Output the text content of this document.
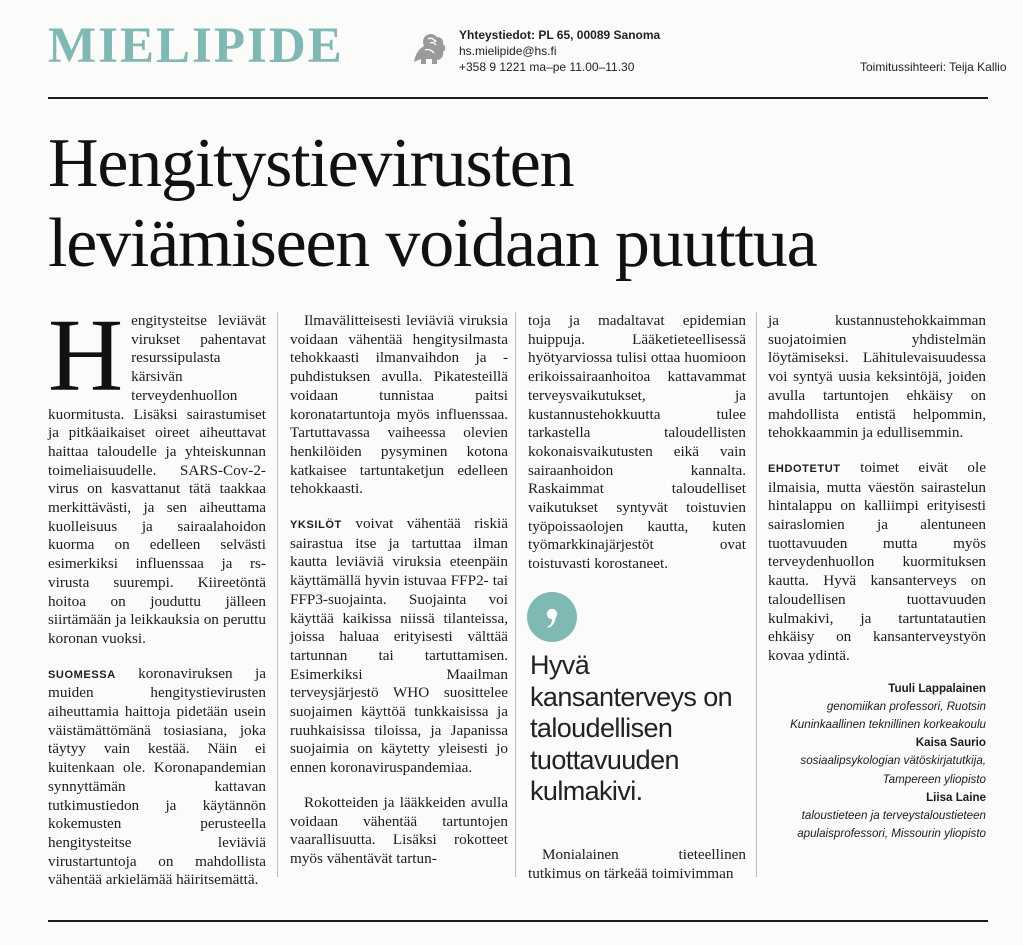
MIELIPIDE	Yhteystiedot: PL 65, 00089 Sanoma
hs.mielipide@hs.fi
+358 9 1221 ma–pe 11.00–11.30	Toimitussihteeri: Teija Kallio
Hengitystievirusten
leviämiseen voidaan puuttua

Hengitysteitse leviävät virukset pahentavat resurssipulasta kärsivän terveydenhuollon kuormitusta. Lisäksi sairastumiset ja pitkäaikaiset oireet aiheuttavat haittaa taloudelle ja yhteiskunnan toimeliaisuudelle. SARS-Cov-2-virus on kasvattanut tätä taakkaa merkittävästi, ja sen aiheuttama kuolleisuus ja sairaalahoidon kuorma on edelleen selvästi esimerkiksi influenssaa ja rs-virusta suurempi. Kiireetöntä hoitoa on jouduttu jälleen siirtämään ja leikkauksia on peruttu koronan vuoksi.

SUOMESSA koronaviruksen ja muiden hengitystievirusten aiheuttamia haittoja pidetään usein väistämättömänä tosiasiana, joka täytyy vain kestää. Näin ei kuitenkaan ole. Koronapandemian synnyttämän kattavan tutkimustiedon ja käytännön kokemusten perusteella hengitysteitse leviäviä virustartuntoja on mahdollista vähentää arkielämää häiritsemättä.

Ilmavälitteisesti leviäviä viruksia voidaan vähentää hengitysilmasta tehokkaasti ilmanvaihdon ja -puhdistuksen avulla. Pikatesteillä voidaan tunnistaa paitsi koronatartuntoja myös influenssaa. Tartuttavassa vaiheessa olevien henkilöiden pysyminen kotona katkaisee tartuntaketjun edelleen tehokkaasti.

YKSILÖT voivat vähentää riskiä sairastua itse ja tartuttaa ilman kautta leviäviä viruksia eteenpäin käyttämällä hyvin istuvaa FFP2- tai FFP3-suojainta. Suojainta voi käyttää kaikissa niissä tilanteissa, joissa haluaa erityisesti välttää tartunnan tai tartuttamisen. Esimerkiksi Maailman terveysjärjestö WHO suosittelee suojaimen käyttöä tunkkaisissa ja ruuhkaisissa tiloissa, ja Japanissa suojaimia on käytetty yleisesti jo ennen koronaviruspandemiaa.

Rokotteiden ja lääkkeiden avulla voidaan vähentää tartuntojen vaarallisuutta. Lisäksi rokotteet myös vähentävät tartun-

toja ja madaltavat epidemian huippuja. Lääketieteellisessä hyötyarviossa tulisi ottaa huomioon erikoissairaanhoitoa kattavammat terveysvaikutukset, ja kustannustehokkuutta tulee tarkastella taloudellisten kokonaisvaikutusten eikä vain sairaanhoidon kannalta. Raskaimmat taloudelliset vaikutukset syntyvät toistuvien työpoissaolojen kautta, kuten työmarkkinajärjestöt ovat toistuvasti korostaneet.

Hyvä kansanterveys on taloudellisen tuottavuuden kulmakivi.

Monialainen tieteellinen tutkimus on tärkeää toimivimman

ja kustannustehokkaimman suojatoimien yhdistelmän löytämiseksi. Lähitulevaisuudessa voi syntyä uusia keksintöjä, joiden avulla tartuntojen ehkäisy on mahdollista entistä helpommin, tehokkaammin ja edullisemmin.

EHDOTETUT toimet eivät ole ilmaisia, mutta väestön sairastelun hintalappu on kalliimpi erityisesti sairaslomien ja alentuneen tuottavuuden mutta myös terveydenhuollon kuormituksen kautta. Hyvä kansanterveys on taloudellisen tuottavuuden kulmakivi, ja tartuntatautien ehkäisy on kansanterveystyön kovaa ydintä.

Tuuli Lappalainen
genomiikan professori, Ruotsin Kuninkaallinen teknillinen korkeakoulu
Kaisa Saurio
sosiaalipsykologian vätöskirjatutkija, Tampereen yliopisto
Liisa Laine
taloustieteen ja terveystaloustieteen apulaisprofessori, Missourin yliopisto
